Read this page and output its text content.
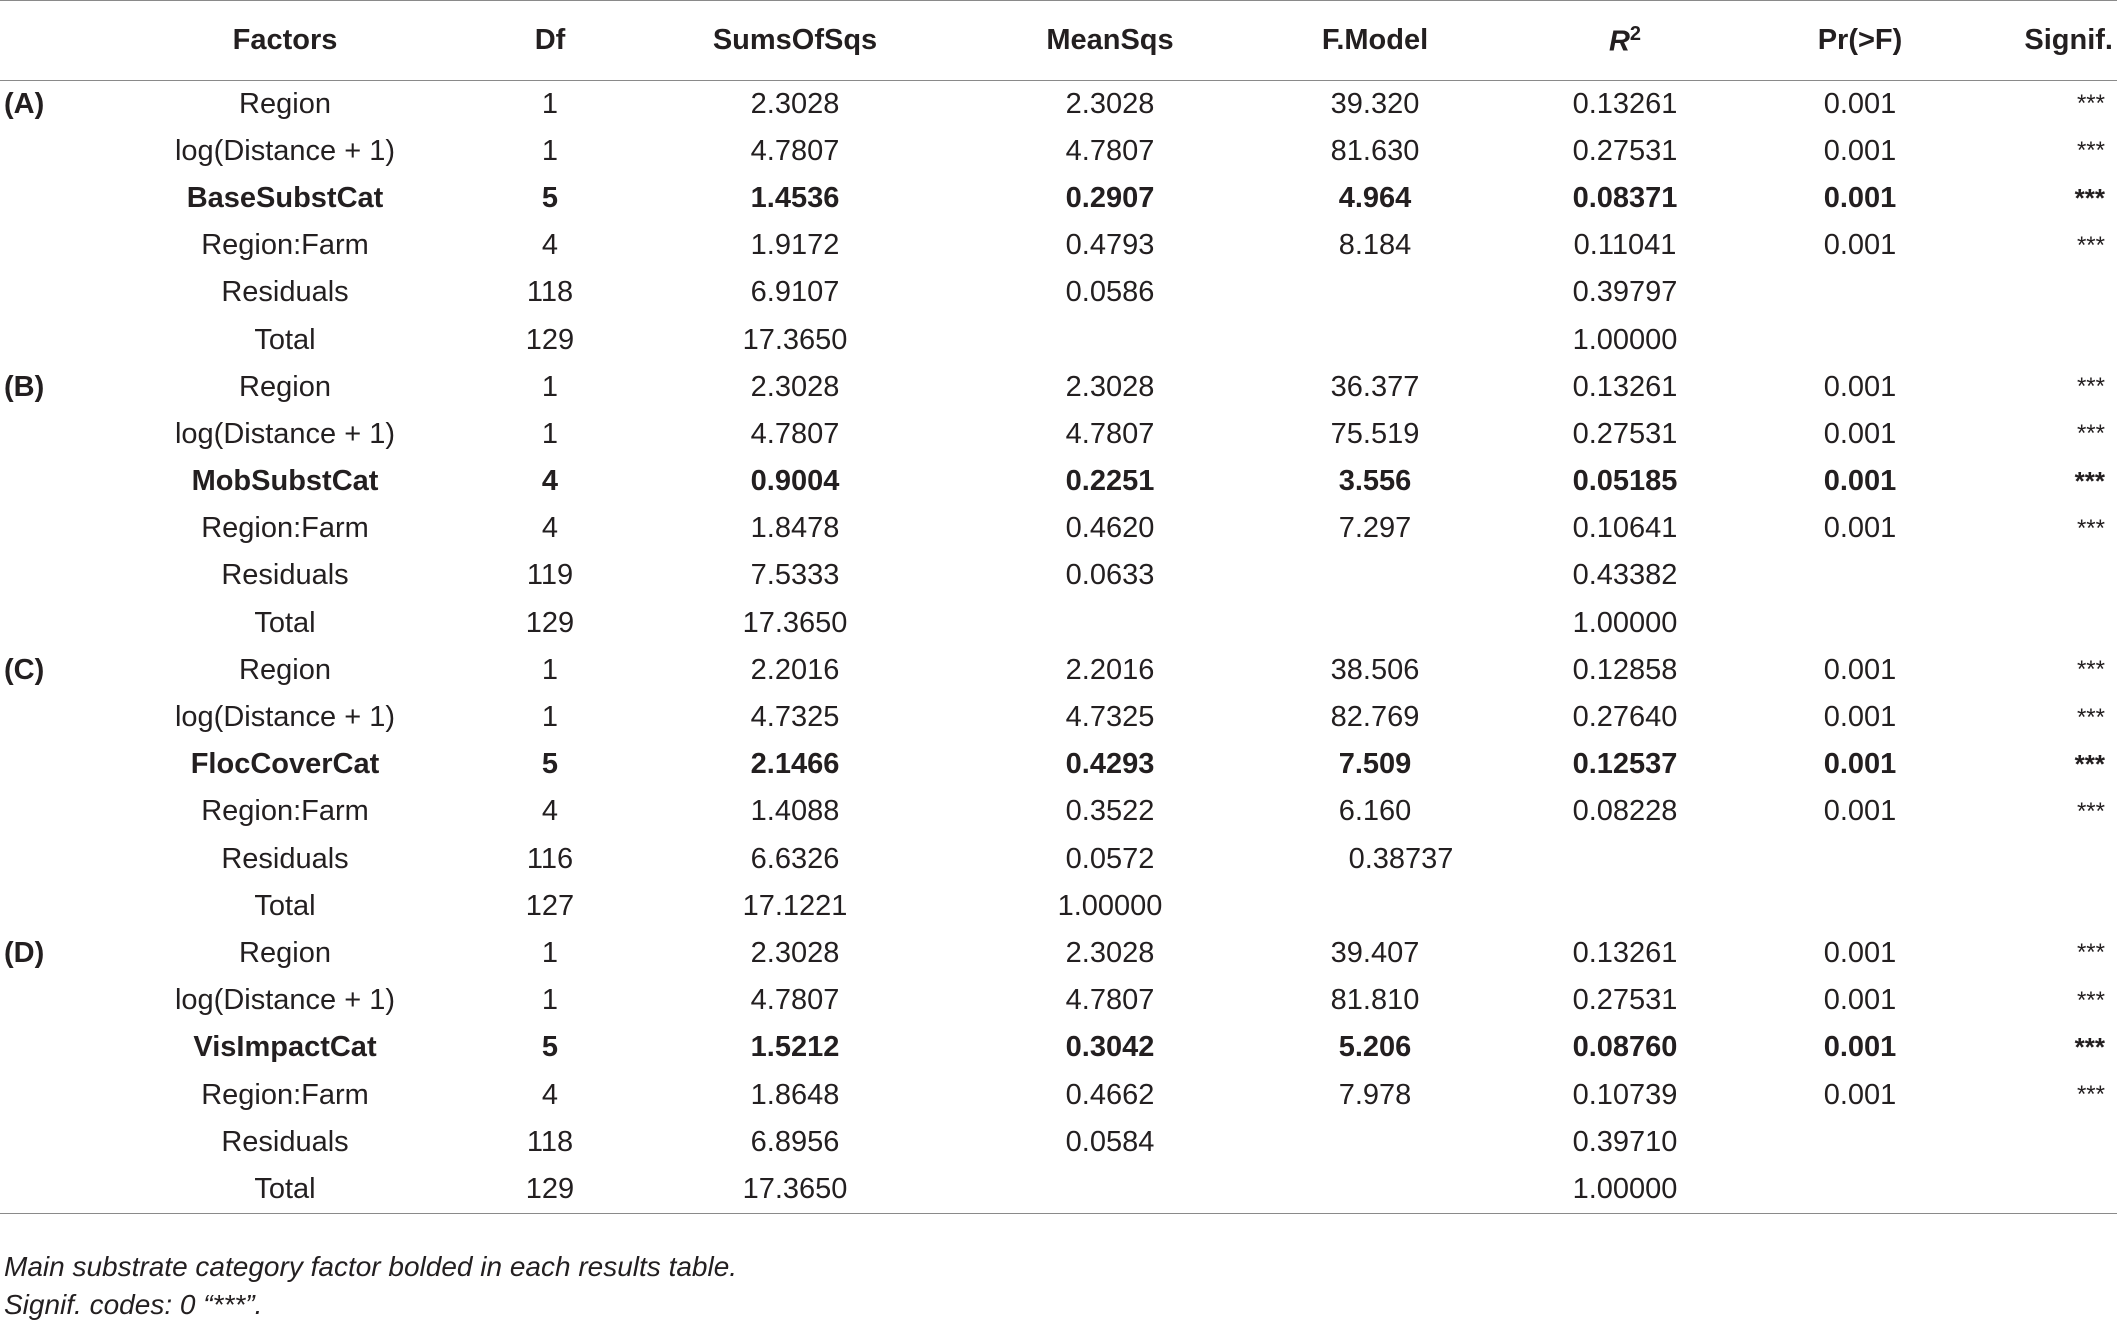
	Factors	Df	SumsOfSqs	MeanSqs	F.Model	$R^2$	Pr(>F)	Signif.
(A)	Region	1	2.3028	2.3028	39.320	0.13261	0.001	***
	log(Distance + 1)	1	4.7807	4.7807	81.630	0.27531	0.001	***
	BaseSubstCat	5	1.4536	0.2907	4.964	0.08371	0.001	***
	Region:Farm	4	1.9172	0.4793	8.184	0.11041	0.001	***
	Residuals	118	6.9107	0.0586		0.39797		
	Total	129	17.3650			1.00000		
(B)	Region	1	2.3028	2.3028	36.377	0.13261	0.001	***
	log(Distance + 1)	1	4.7807	4.7807	75.519	0.27531	0.001	***
	MobSubstCat	4	0.9004	0.2251	3.556	0.05185	0.001	***
	Region:Farm	4	1.8478	0.4620	7.297	0.10641	0.001	***
	Residuals	119	7.5333	0.0633		0.43382		
	Total	129	17.3650			1.00000		
(C)	Region	1	2.2016	2.2016	38.506	0.12858	0.001	***
	log(Distance + 1)	1	4.7325	4.7325	82.769	0.27640	0.001	***
	FlocCoverCat	5	2.1466	0.4293	7.509	0.12537	0.001	***
	Region:Farm	4	1.4088	0.3522	6.160	0.08228	0.001	***
	Residuals	116	6.6326	0.0572	0.38737			
	Total	127	17.1221	1.00000				
(D)	Region	1	2.3028	2.3028	39.407	0.13261	0.001	***
	log(Distance + 1)	1	4.7807	4.7807	81.810	0.27531	0.001	***
	VisImpactCat	5	1.5212	0.3042	5.206	0.08760	0.001	***
	Region:Farm	4	1.8648	0.4662	7.978	0.10739	0.001	***
	Residuals	118	6.8956	0.0584		0.39710		
	Total	129	17.3650			1.00000		
Main substrate category factor bolded in each results table.
Signif. codes: 0 “***”.
